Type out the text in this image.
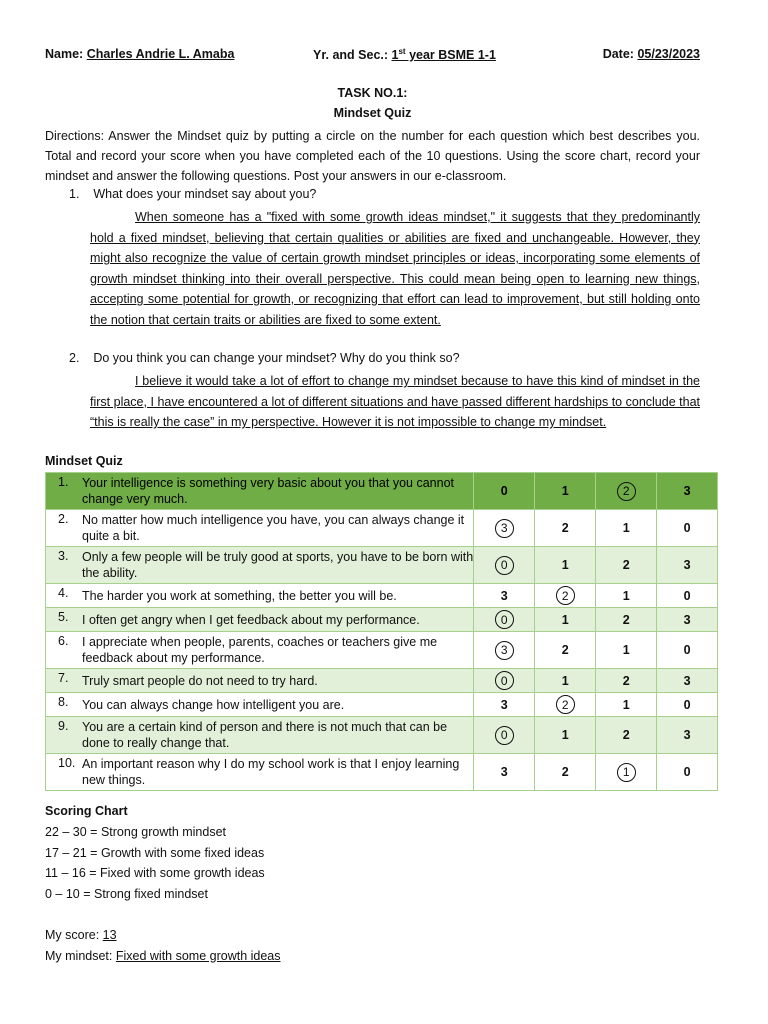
Name: Charles Andrie L. Amaba	Yr. and Sec.: 1st year BSME 1-1	Date: 05/23/2023
TASK NO.1:
Mindset Quiz
Directions: Answer the Mindset quiz by putting a circle on the number for each question which best describes you. Total and record your score when you have completed each of the 10 questions. Using the score chart, record your mindset and answer the following questions. Post your answers in our e-classroom.
1. What does your mindset say about you?
When someone has a "fixed with some growth ideas mindset," it suggests that they predominantly hold a fixed mindset, believing that certain qualities or abilities are fixed and unchangeable. However, they might also recognize the value of certain growth mindset principles or ideas, incorporating some elements of growth mindset thinking into their overall perspective. This could mean being open to learning new things, accepting some potential for growth, or recognizing that effort can lead to improvement, but still holding onto the notion that certain traits or abilities are fixed to some extent.
2. Do you think you can change your mindset? Why do you think so?
I believe it would take a lot of effort to change my mindset because to have this kind of mindset in the first place, I have encountered a lot of different situations and have passed different hardships to conclude that “this is really the case” in my perspective. However it is not impossible to change my mindset.
Mindset Quiz
1. Your intelligence is something very basic about you that you cannot change very much.	0	1	2	3

2. No matter how much intelligence you have, you can always change it quite a bit.	3	2	1	0

3. Only a few people will be truly good at sports, you have to be born with the ability.	0	1	2	3

4. The harder you work at something, the better you will be.	3	2	1	0

5. I often get angry when I get feedback about my performance.	0	1	2	3

6. I appreciate when people, parents, coaches or teachers give me feedback about my performance.	3	2	1	0

7. Truly smart people do not need to try hard.	0	1	2	3

8. You can always change how intelligent you are.	3	2	1	0

9. You are a certain kind of person and there is not much that can be done to really change that.	0	1	2	3

10. An important reason why I do my school work is that I enjoy learning new things.	3	2	1	0
Scoring Chart
22 – 30 = Strong growth mindset
17 – 21 = Growth with some fixed ideas
11 – 16 = Fixed with some growth ideas
0 – 10 = Strong fixed mindset
My score: 13
My mindset: Fixed with some growth ideas
